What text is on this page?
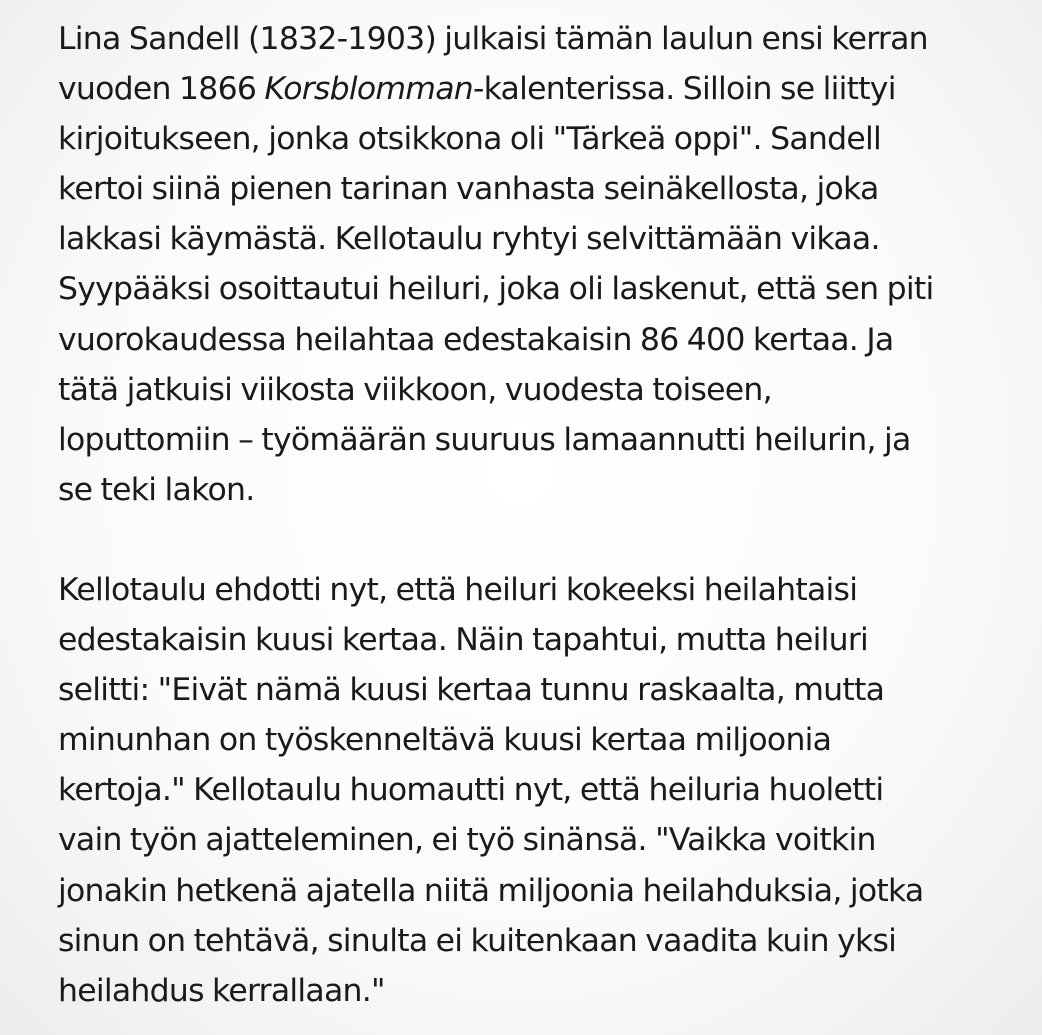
Lina Sandell (1832-1903) julkaisi tämän laulun ensi kerran
vuoden 1866 Korsblomman-kalenterissa. Silloin se liittyi
kirjoitukseen, jonka otsikkona oli "Tärkeä oppi". Sandell
kertoi siinä pienen tarinan vanhasta seinäkellosta, joka
lakkasi käymästä. Kellotaulu ryhtyi selvittämään vikaa.
Syypääksi osoittautui heiluri, joka oli laskenut, että sen piti
vuorokaudessa heilahtaa edestakaisin 86 400 kertaa. Ja
tätä jatkuisi viikosta viikkoon, vuodesta toiseen,
loputtomiin – työmäärän suuruus lamaannutti heilurin, ja
se teki lakon.

Kellotaulu ehdotti nyt, että heiluri kokeeksi heilahtaisi
edestakaisin kuusi kertaa. Näin tapahtui, mutta heiluri
selitti: "Eivät nämä kuusi kertaa tunnu raskaalta, mutta
minunhan on työskenneltävä kuusi kertaa miljoonia
kertoja." Kellotaulu huomautti nyt, että heiluria huoletti
vain työn ajatteleminen, ei työ sinänsä. "Vaikka voitkin
jonakin hetkenä ajatella niitä miljoonia heilahduksia, jotka
sinun on tehtävä, sinulta ei kuitenkaan vaadita kuin yksi
heilahdus kerrallaan."
